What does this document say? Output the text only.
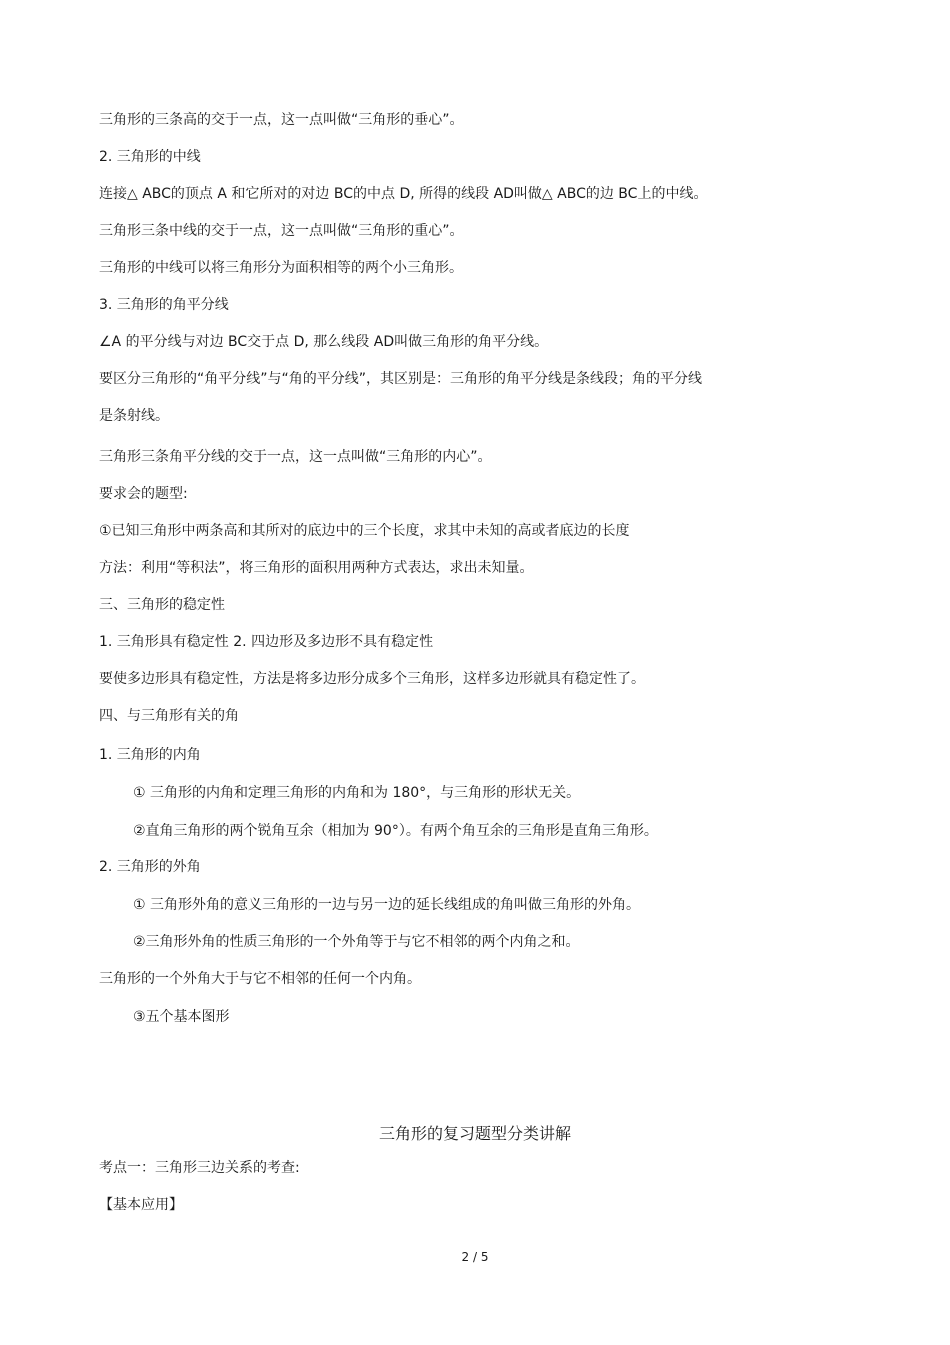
三角形的三条高的交于一点，这一点叫做“三角形的垂心”。

2. 三角形的中线

连接△ ABC的顶点 A 和它所对的对边 BC的中点 D, 所得的线段 AD叫做△ ABC的边 BC上的中线。

三角形三条中线的交于一点，这一点叫做“三角形的重心”。

三角形的中线可以将三角形分为面积相等的两个小三角形。

3. 三角形的角平分线

∠A 的平分线与对边 BC交于点 D, 那么线段 AD叫做三角形的角平分线。

要区分三角形的“角平分线”与“角的平分线”，其区别是：三角形的角平分线是条线段；角的平分线

是条射线。

三角形三条角平分线的交于一点，这一点叫做“三角形的内心”。

要求会的题型:

①已知三角形中两条高和其所对的底边中的三个长度，求其中未知的高或者底边的长度

方法：利用“等积法”，将三角形的面积用两种方式表达，求出未知量。

三、三角形的稳定性

1. 三角形具有稳定性 2. 四边形及多边形不具有稳定性

要使多边形具有稳定性，方法是将多边形分成多个三角形，这样多边形就具有稳定性了。

四、与三角形有关的角

1. 三角形的内角

① 三角形的内角和定理三角形的内角和为 180°，与三角形的形状无关。

②直角三角形的两个锐角互余（相加为 90°）。有两个角互余的三角形是直角三角形。

2. 三角形的外角

① 三角形外角的意义三角形的一边与另一边的延长线组成的角叫做三角形的外角。

②三角形外角的性质三角形的一个外角等于与它不相邻的两个内角之和。

三角形的一个外角大于与它不相邻的任何一个内角。

③五个基本图形

三角形的复习题型分类讲解

考点一：三角形三边关系的考查:

【基本应用】

2 / 5
